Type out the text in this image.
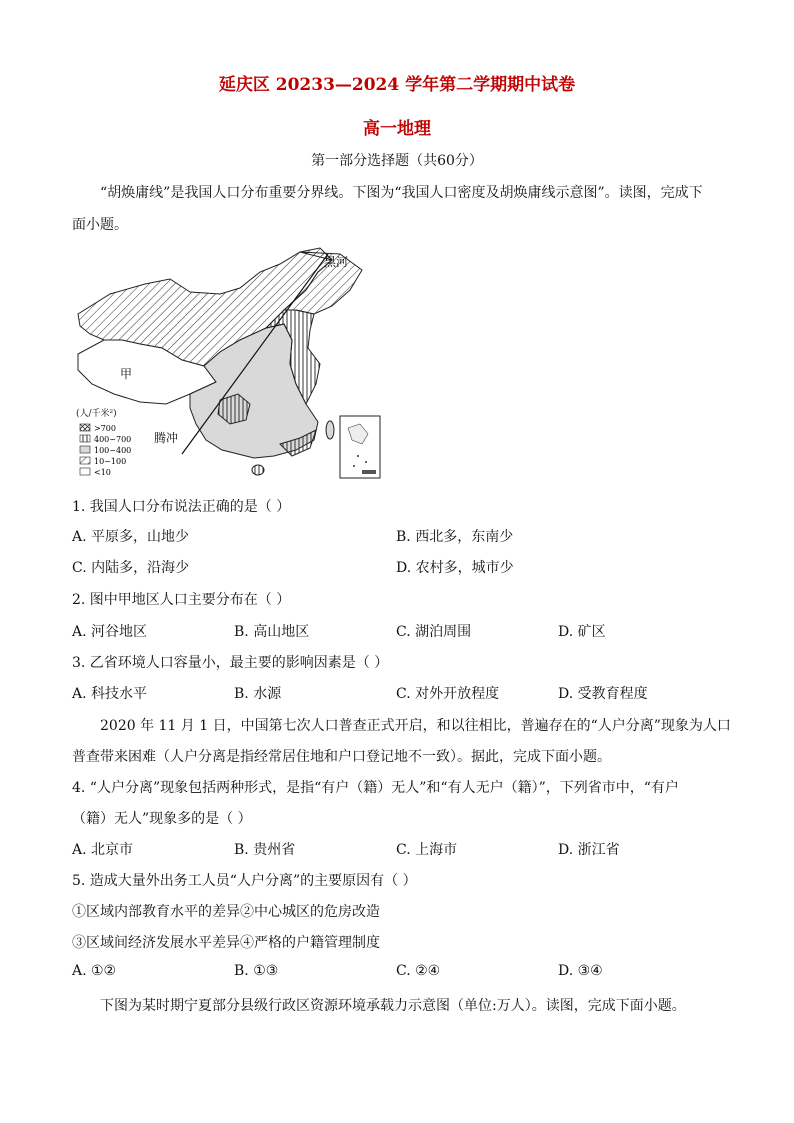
延庆区 20233—2024 学年第二学期期中试卷
高一地理
第一部分选择题（共60分）
“胡焕庸线”是我国人口分布重要分界线。下图为“我国人口密度及胡焕庸线示意图”。读图，完成下
面小题。
黑河
甲
腾冲
(人/千米²)
>700
400~700
100~400
10~100
<10
1. 我国人口分布说法正确的是（ ）
A. 平原多，山地少	B. 西北多，东南少
C. 内陆多，沿海少	D. 农村多，城市少
2. 图中甲地区人口主要分布在（ ）
A. 河谷地区	B. 高山地区	C. 湖泊周围	D. 矿区
3. 乙省环境人口容量小，最主要的影响因素是（ ）
A. 科技水平	B. 水源	C. 对外开放程度	D. 受教育程度
2020 年 11 月 1 日，中国第七次人口普查正式开启，和以往相比，普遍存在的“人户分离”现象为人口
普查带来困难（人户分离是指经常居住地和户口登记地不一致）。据此，完成下面小题。
4. “人户分离”现象包括两种形式，是指“有户（籍）无人”和“有人无户（籍）”，下列省市中，“有户
（籍）无人”现象多的是（ ）
A. 北京市	B. 贵州省	C. 上海市	D. 浙江省
5. 造成大量外出务工人员“人户分离”的主要原因有（ ）
①区域内部教育水平的差异②中心城区的危房改造
③区域间经济发展水平差异④严格的户籍管理制度
A. ①②	B. ①③	C. ②④	D. ③④
下图为某时期宁夏部分县级行政区资源环境承载力示意图（单位:万人）。读图，完成下面小题。
